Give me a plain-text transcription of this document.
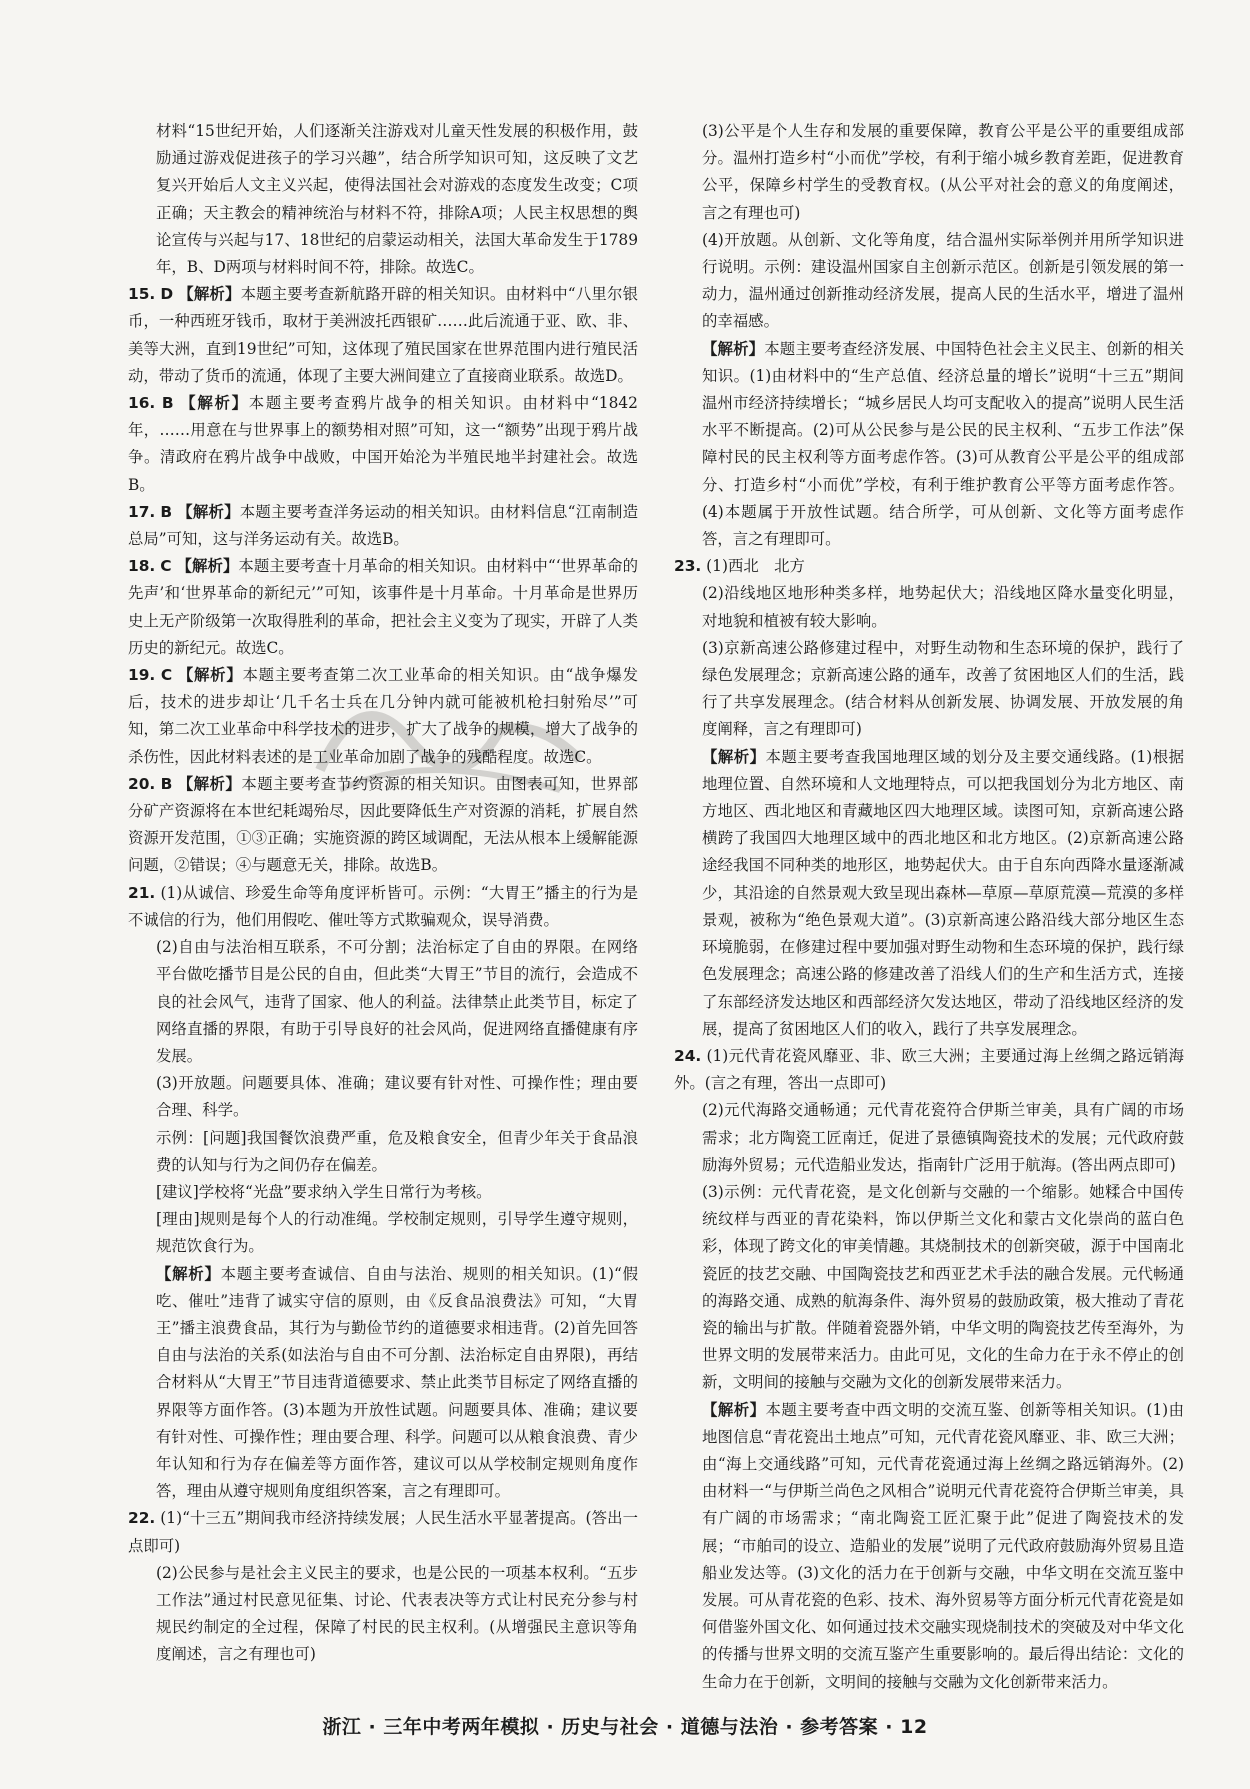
材料“15世纪开始，人们逐渐关注游戏对儿童天性发展的积极作用，鼓励通过游戏促进孩子的学习兴趣”，结合所学知识可知，这反映了文艺复兴开始后人文主义兴起，使得法国社会对游戏的态度发生改变；C项正确；天主教会的精神统治与材料不符，排除A项；人民主权思想的舆论宣传与兴起与17、18世纪的启蒙运动相关，法国大革命发生于1789年，B、D两项与材料时间不符，排除。故选C。

15. D 【解析】本题主要考查新航路开辟的相关知识。由材料中“八里尔银币，一种西班牙钱币，取材于美洲波托西银矿……此后流通于亚、欧、非、美等大洲，直到19世纪”可知，这体现了殖民国家在世界范围内进行殖民活动，带动了货币的流通，体现了主要大洲间建立了直接商业联系。故选D。

16. B 【解析】本题主要考查鸦片战争的相关知识。由材料中“1842年，……用意在与世界事上的额势相对照”可知，这一“额势”出现于鸦片战争。清政府在鸦片战争中战败，中国开始沦为半殖民地半封建社会。故选B。

17. B 【解析】本题主要考查洋务运动的相关知识。由材料信息“江南制造总局”可知，这与洋务运动有关。故选B。

18. C 【解析】本题主要考查十月革命的相关知识。由材料中“‘世界革命的先声’和‘世界革命的新纪元’”可知，该事件是十月革命。十月革命是世界历史上无产阶级第一次取得胜利的革命，把社会主义变为了现实，开辟了人类历史的新纪元。故选C。

19. C 【解析】本题主要考查第二次工业革命的相关知识。由“战争爆发后，技术的进步却让‘几千名士兵在几分钟内就可能被机枪扫射殆尽’”可知，第二次工业革命中科学技术的进步，扩大了战争的规模，增大了战争的杀伤性，因此材料表述的是工业革命加剧了战争的残酷程度。故选C。

20. B 【解析】本题主要考查节约资源的相关知识。由图表可知，世界部分矿产资源将在本世纪耗竭殆尽，因此要降低生产对资源的消耗，扩展自然资源开发范围，①③正确；实施资源的跨区域调配，无法从根本上缓解能源问题，②错误；④与题意无关，排除。故选B。

21. (1)从诚信、珍爱生命等角度评析皆可。示例：“大胃王”播主的行为是不诚信的行为，他们用假吃、催吐等方式欺骗观众，误导消费。

(2)自由与法治相互联系，不可分割；法治标定了自由的界限。在网络平台做吃播节目是公民的自由，但此类“大胃王”节目的流行，会造成不良的社会风气，违背了国家、他人的利益。法律禁止此类节目，标定了网络直播的界限，有助于引导良好的社会风尚，促进网络直播健康有序发展。

(3)开放题。问题要具体、准确；建议要有针对性、可操作性；理由要合理、科学。

示例：[问题]我国餐饮浪费严重，危及粮食安全，但青少年关于食品浪费的认知与行为之间仍存在偏差。

[建议]学校将“光盘”要求纳入学生日常行为考核。

[理由]规则是每个人的行动准绳。学校制定规则，引导学生遵守规则，规范饮食行为。

【解析】本题主要考查诚信、自由与法治、规则的相关知识。(1)“假吃、催吐”违背了诚实守信的原则，由《反食品浪费法》可知，“大胃王”播主浪费食品，其行为与勤俭节约的道德要求相违背。(2)首先回答自由与法治的关系(如法治与自由不可分割、法治标定自由界限)，再结合材料从“大胃王”节目违背道德要求、禁止此类节目标定了网络直播的界限等方面作答。(3)本题为开放性试题。问题要具体、准确；建议要有针对性、可操作性；理由要合理、科学。问题可以从粮食浪费、青少年认知和行为存在偏差等方面作答，建议可以从学校制定规则角度作答，理由从遵守规则角度组织答案，言之有理即可。

22. (1)“十三五”期间我市经济持续发展；人民生活水平显著提高。(答出一点即可)

(2)公民参与是社会主义民主的要求，也是公民的一项基本权利。“五步工作法”通过村民意见征集、讨论、代表表决等方式让村民充分参与村规民约制定的全过程，保障了村民的民主权利。(从增强民主意识等角度阐述，言之有理也可)

(3)公平是个人生存和发展的重要保障，教育公平是公平的重要组成部分。温州打造乡村“小而优”学校，有利于缩小城乡教育差距，促进教育公平，保障乡村学生的受教育权。(从公平对社会的意义的角度阐述，言之有理也可)

(4)开放题。从创新、文化等角度，结合温州实际举例并用所学知识进行说明。示例：建设温州国家自主创新示范区。创新是引领发展的第一动力，温州通过创新推动经济发展，提高人民的生活水平，增进了温州的幸福感。

【解析】本题主要考查经济发展、中国特色社会主义民主、创新的相关知识。(1)由材料中的“生产总值、经济总量的增长”说明“十三五”期间温州市经济持续增长；“城乡居民人均可支配收入的提高”说明人民生活水平不断提高。(2)可从公民参与是公民的民主权利、“五步工作法”保障村民的民主权利等方面考虑作答。(3)可从教育公平是公平的组成部分、打造乡村“小而优”学校，有利于维护教育公平等方面考虑作答。(4)本题属于开放性试题。结合所学，可从创新、文化等方面考虑作答，言之有理即可。

23. (1)西北　北方

(2)沿线地区地形种类多样，地势起伏大；沿线地区降水量变化明显，对地貌和植被有较大影响。

(3)京新高速公路修建过程中，对野生动物和生态环境的保护，践行了绿色发展理念；京新高速公路的通车，改善了贫困地区人们的生活，践行了共享发展理念。(结合材料从创新发展、协调发展、开放发展的角度阐释，言之有理即可)

【解析】本题主要考查我国地理区域的划分及主要交通线路。(1)根据地理位置、自然环境和人文地理特点，可以把我国划分为北方地区、南方地区、西北地区和青藏地区四大地理区域。读图可知，京新高速公路横跨了我国四大地理区域中的西北地区和北方地区。(2)京新高速公路途经我国不同种类的地形区，地势起伏大。由于自东向西降水量逐渐减少，其沿途的自然景观大致呈现出森林—草原—草原荒漠—荒漠的多样景观，被称为“绝色景观大道”。(3)京新高速公路沿线大部分地区生态环境脆弱，在修建过程中要加强对野生动物和生态环境的保护，践行绿色发展理念；高速公路的修建改善了沿线人们的生产和生活方式，连接了东部经济发达地区和西部经济欠发达地区，带动了沿线地区经济的发展，提高了贫困地区人们的收入，践行了共享发展理念。

24. (1)元代青花瓷风靡亚、非、欧三大洲；主要通过海上丝绸之路远销海外。(言之有理，答出一点即可)

(2)元代海路交通畅通；元代青花瓷符合伊斯兰审美，具有广阔的市场需求；北方陶瓷工匠南迁，促进了景德镇陶瓷技术的发展；元代政府鼓励海外贸易；元代造船业发达，指南针广泛用于航海。(答出两点即可)

(3)示例：元代青花瓷，是文化创新与交融的一个缩影。她糅合中国传统纹样与西亚的青花染料，饰以伊斯兰文化和蒙古文化崇尚的蓝白色彩，体现了跨文化的审美情趣。其烧制技术的创新突破，源于中国南北瓷匠的技艺交融、中国陶瓷技艺和西亚艺术手法的融合发展。元代畅通的海路交通、成熟的航海条件、海外贸易的鼓励政策，极大推动了青花瓷的输出与扩散。伴随着瓷器外销，中华文明的陶瓷技艺传至海外，为世界文明的发展带来活力。由此可见，文化的生命力在于永不停止的创新，文明间的接触与交融为文化的创新发展带来活力。

【解析】本题主要考查中西文明的交流互鉴、创新等相关知识。(1)由地图信息“青花瓷出土地点”可知，元代青花瓷风靡亚、非、欧三大洲；由“海上交通线路”可知，元代青花瓷通过海上丝绸之路远销海外。(2)由材料一“与伊斯兰尚色之风相合”说明元代青花瓷符合伊斯兰审美，具有广阔的市场需求；“南北陶瓷工匠汇聚于此”促进了陶瓷技术的发展；“市舶司的设立、造船业的发展”说明了元代政府鼓励海外贸易且造船业发达等。(3)文化的活力在于创新与交融，中华文明在交流互鉴中发展。可从青花瓷的色彩、技术、海外贸易等方面分析元代青花瓷是如何借鉴外国文化、如何通过技术交融实现烧制技术的突破及对中华文化的传播与世界文明的交流互鉴产生重要影响的。最后得出结论：文化的生命力在于创新，文明间的接触与交融为文化创新带来活力。

浙江 · 三年中考两年模拟 · 历史与社会 · 道德与法治 · 参考答案 · 12
